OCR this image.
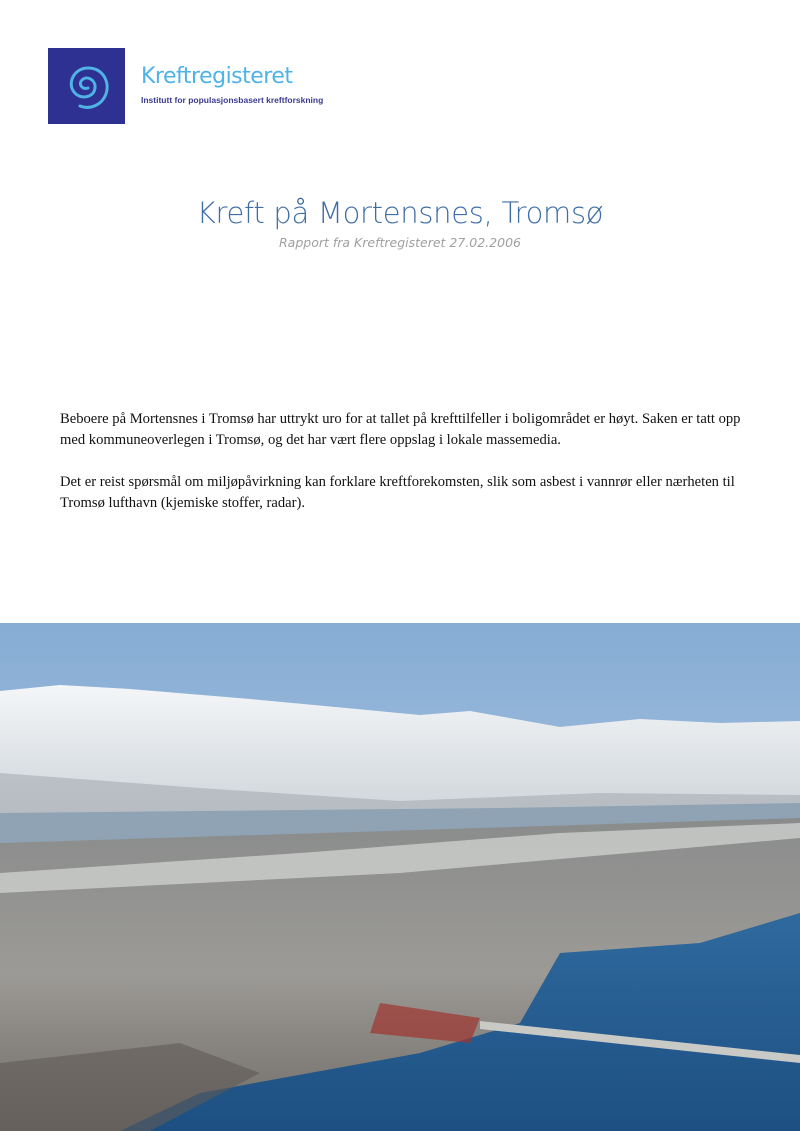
Kreftregisteret
Institutt for populasjonsbasert kreftforskning
Kreft på Mortensnes, Tromsø
Rapport fra Kreftregisteret 27.02.2006

Beboere på Mortensnes i Tromsø har uttrykt uro for at tallet på krefttilfeller i boligområdet er høyt. Saken er tatt opp med kommuneoverlegen i Tromsø, og det har vært flere oppslag i lokale massemedia.

Det er reist spørsmål om miljøpåvirkning kan forklare kreftforekomsten, slik som asbest i vannrør eller nærheten til Tromsø lufthavn (kjemiske stoffer, radar).
